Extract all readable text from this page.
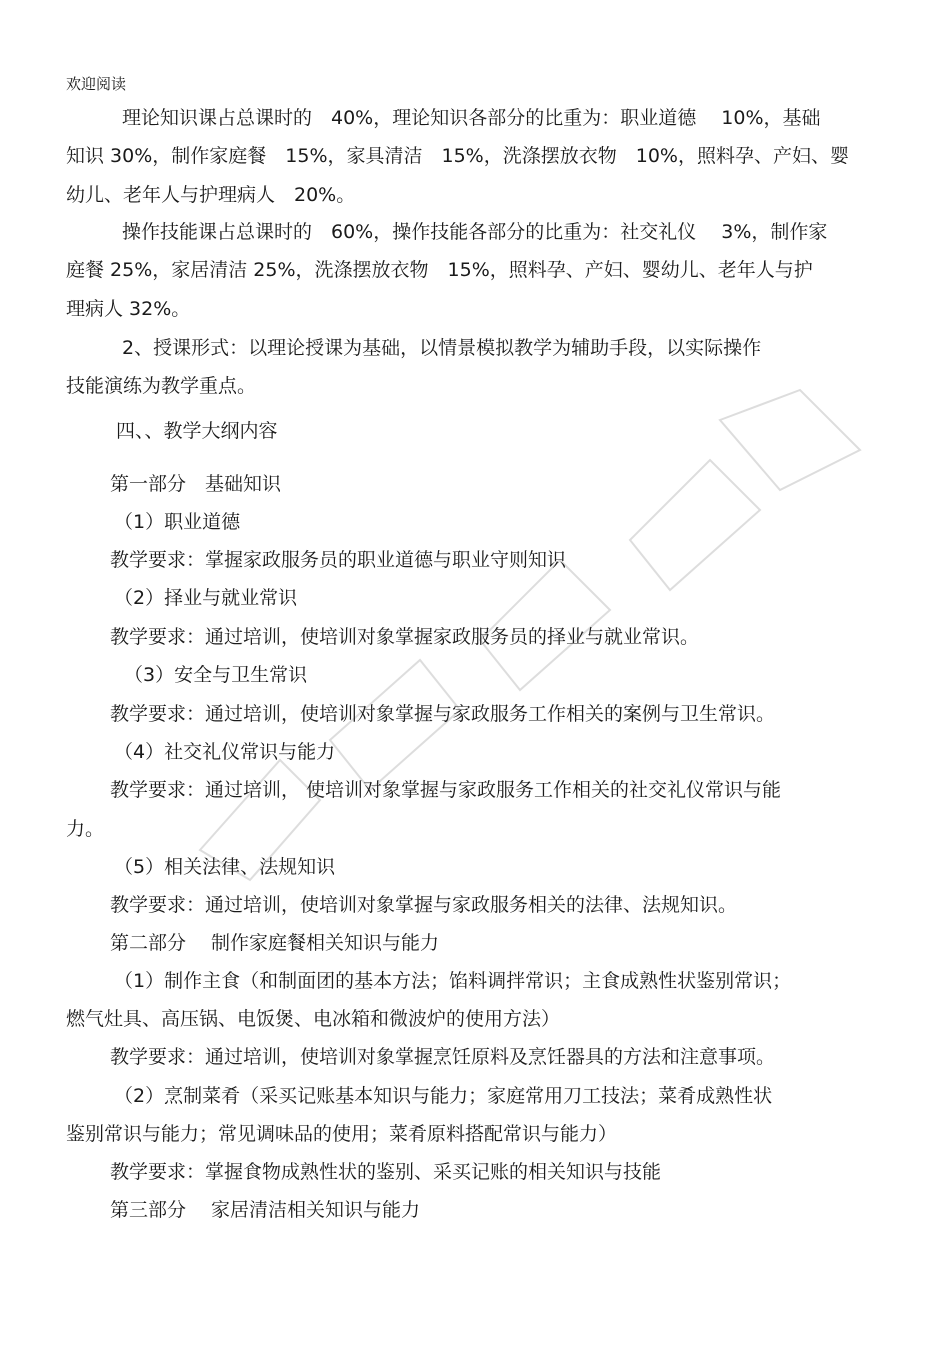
欢迎阅读
理论知识课占总课时的　40%，理论知识各部分的比重为：职业道德　 10%，基础
知识 30%，制作家庭餐　15%，家具清洁　15%，洗涤摆放衣物　10%，照料孕、产妇、婴
幼儿、老年人与护理病人　20%。
操作技能课占总课时的　60%，操作技能各部分的比重为：社交礼仪　 3%，制作家
庭餐 25%，家居清洁 25%，洗涤摆放衣物　15%，照料孕、产妇、婴幼儿、老年人与护
理病人 32%。
2、授课形式：以理论授课为基础，以情景模拟教学为辅助手段，以实际操作
技能演练为教学重点。
四、、教学大纲内容
第一部分　基础知识
（1）职业道德
教学要求：掌握家政服务员的职业道德与职业守则知识
（2）择业与就业常识
教学要求：通过培训，使培训对象掌握家政服务员的择业与就业常识。
（3）安全与卫生常识
教学要求：通过培训，使培训对象掌握与家政服务工作相关的案例与卫生常识。
（4）社交礼仪常识与能力
教学要求：通过培训， 使培训对象掌握与家政服务工作相关的社交礼仪常识与能
力。
（5）相关法律、法规知识
教学要求：通过培训，使培训对象掌握与家政服务相关的法律、法规知识。
第二部分　 制作家庭餐相关知识与能力
（1）制作主食（和制面团的基本方法；馅料调拌常识；主食成熟性状鉴别常识；
燃气灶具、高压锅、电饭煲、电冰箱和微波炉的使用方法）
教学要求：通过培训，使培训对象掌握烹饪原料及烹饪器具的方法和注意事项。
（2）烹制菜肴（采买记账基本知识与能力；家庭常用刀工技法；菜肴成熟性状
鉴别常识与能力；常见调味品的使用；菜肴原料搭配常识与能力）
教学要求：掌握食物成熟性状的鉴别、采买记账的相关知识与技能
第三部分　 家居清洁相关知识与能力
